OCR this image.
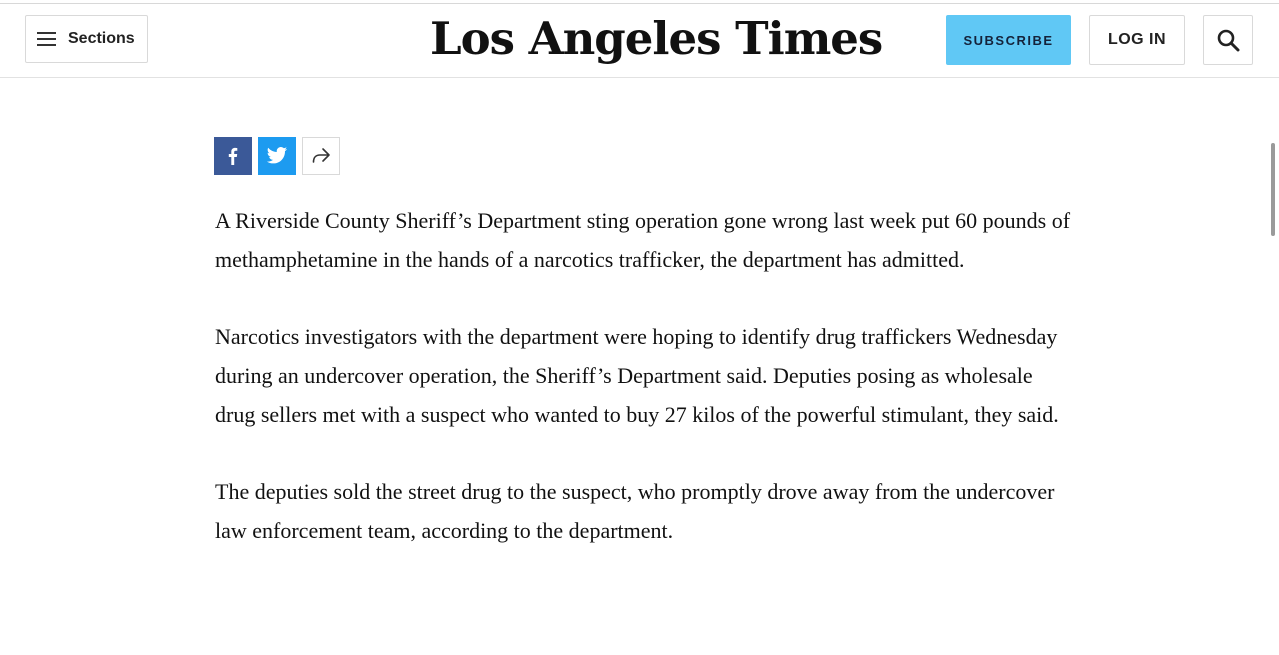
Sections	Los Angeles Times	SUBSCRIBE	LOG IN

A Riverside County Sheriff’s Department sting operation gone wrong last week put 60 pounds of methamphetamine in the hands of a narcotics trafficker, the department has admitted.

Narcotics investigators with the department were hoping to identify drug traffickers Wednesday during an undercover operation, the Sheriff’s Department said. Deputies posing as wholesale drug sellers met with a suspect who wanted to buy 27 kilos of the powerful stimulant, they said.

The deputies sold the street drug to the suspect, who promptly drove away from the undercover law enforcement team, according to the department.
